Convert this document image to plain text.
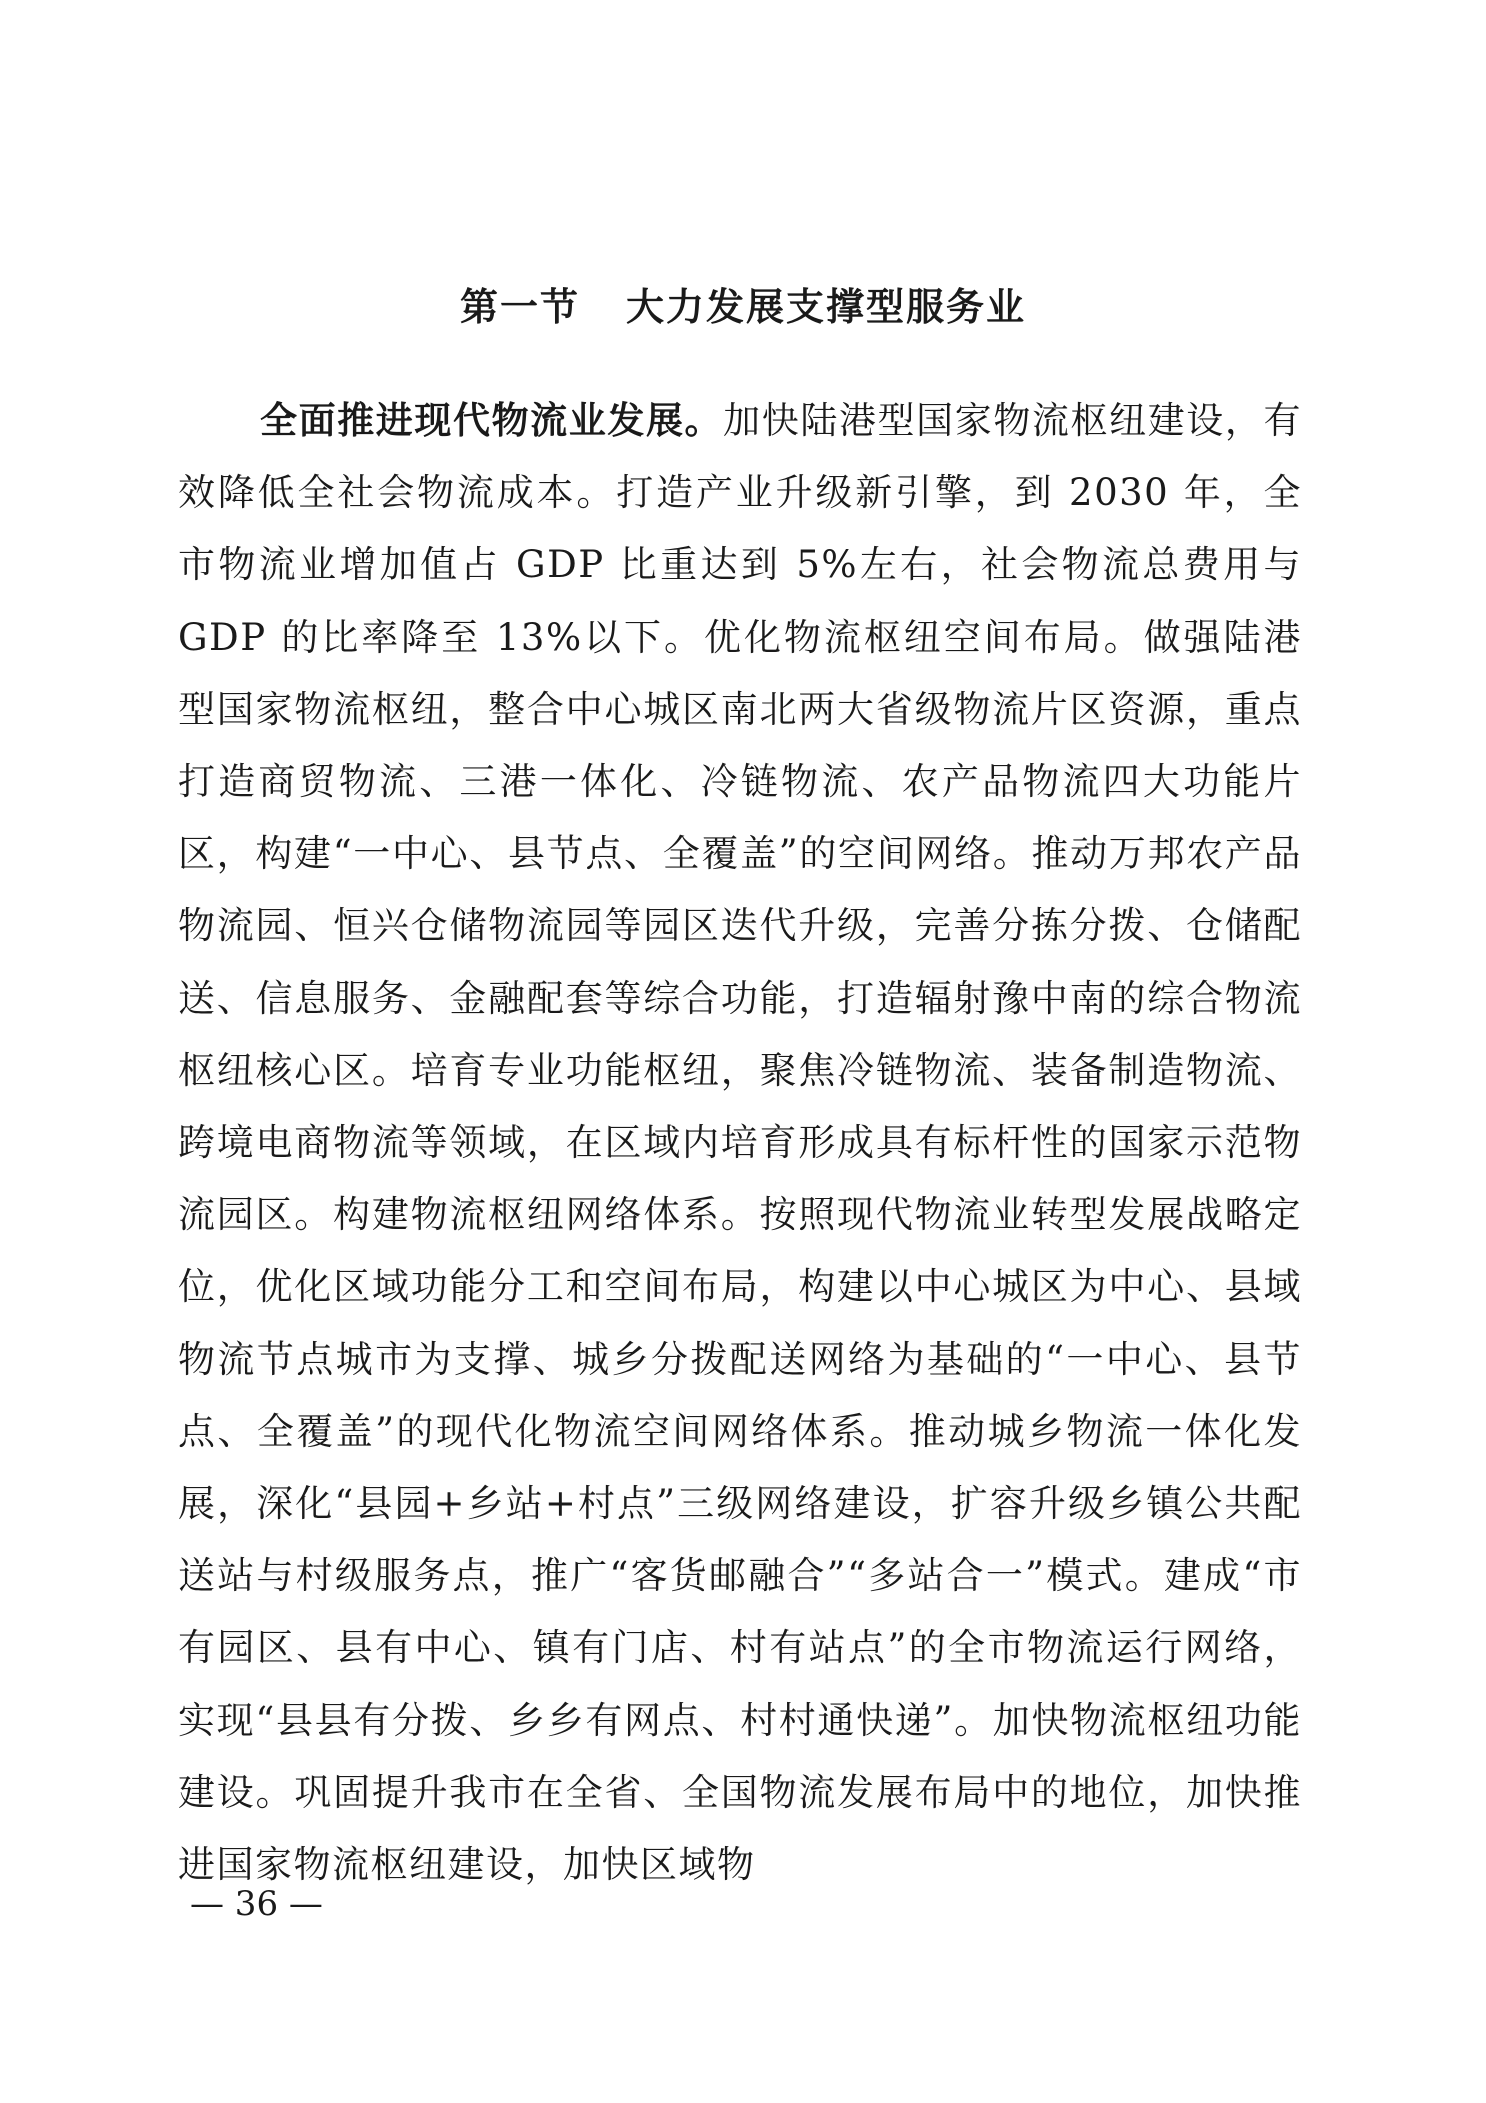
第一节 大力发展支撑型服务业

全面推进现代物流业发展。加快陆港型国家物流枢纽建设，有效降低全社会物流成本。打造产业升级新引擎，到 2030 年，全市物流业增加值占 GDP 比重达到 5%左右，社会物流总费用与 GDP 的比率降至 13%以下。优化物流枢纽空间布局。做强陆港型国家物流枢纽，整合中心城区南北两大省级物流片区资源，重点打造商贸物流、三港一体化、冷链物流、农产品物流四大功能片区，构建“一中心、县节点、全覆盖”的空间网络。推动万邦农产品物流园、恒兴仓储物流园等园区迭代升级，完善分拣分拨、仓储配送、信息服务、金融配套等综合功能，打造辐射豫中南的综合物流枢纽核心区。培育专业功能枢纽，聚焦冷链物流、装备制造物流、跨境电商物流等领域，在区域内培育形成具有标杆性的国家示范物流园区。构建物流枢纽网络体系。按照现代物流业转型发展战略定位，优化区域功能分工和空间布局，构建以中心城区为中心、县域物流节点城市为支撑、城乡分拨配送网络为基础的“一中心、县节点、全覆盖”的现代化物流空间网络体系。推动城乡物流一体化发展，深化“县园+乡站+村点”三级网络建设，扩容升级乡镇公共配送站与村级服务点，推广“客货邮融合”“多站合一”模式。建成“市有园区、县有中心、镇有门店、村有站点”的全市物流运行网络，实现“县县有分拨、乡乡有网点、村村通快递”。加快物流枢纽功能建设。巩固提升我市在全省、全国物流发展布局中的地位，加快推进国家物流枢纽建设，加快区域物

— 36 —
